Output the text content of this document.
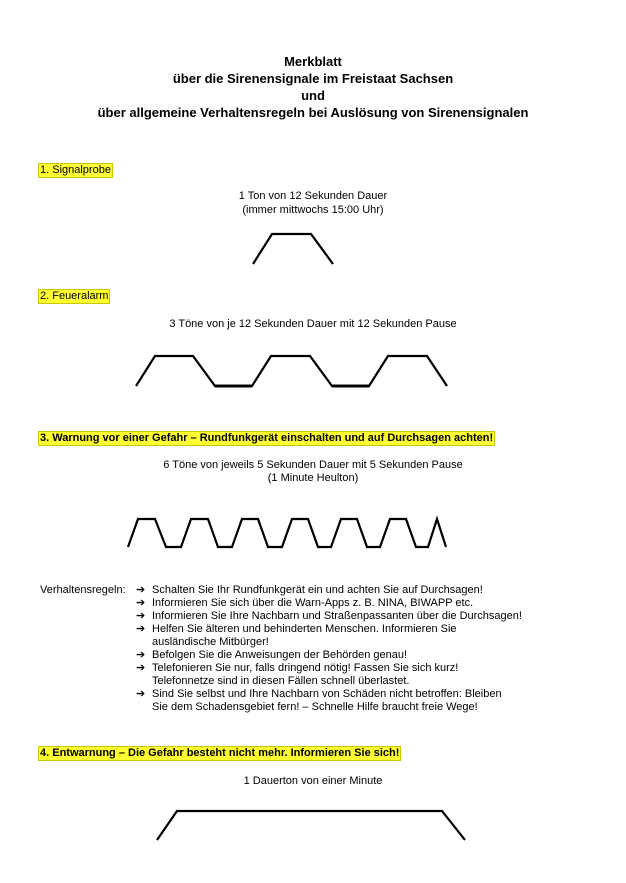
Merkblatt
über die Sirenensignale im Freistaat Sachsen
und
über allgemeine Verhaltensregeln bei Auslösung von Sirenensignalen
1. Signalprobe
1 Ton von 12 Sekunden Dauer
(immer mittwochs 15:00 Uhr)
2. Feueralarm
3 Töne von je 12 Sekunden Dauer mit 12 Sekunden Pause
3. Warnung vor einer Gefahr – Rundfunkgerät einschalten und auf Durchsagen achten!
6 Töne von jeweils 5 Sekunden Dauer mit 5 Sekunden Pause
(1 Minute Heulton)
Verhaltensregeln: ➔ Schalten Sie Ihr Rundfunkgerät ein und achten Sie auf Durchsagen!
➔ Informieren Sie sich über die Warn-Apps z. B. NINA, BIWAPP etc.
➔ Informieren Sie Ihre Nachbarn und Straßenpassanten über die Durchsagen!
➔ Helfen Sie älteren und behinderten Menschen. Informieren Sie
ausländische Mitbürger!
➔ Befolgen Sie die Anweisungen der Behörden genau!
➔ Telefonieren Sie nur, falls dringend nötig! Fassen Sie sich kurz!
Telefonnetze sind in diesen Fällen schnell überlastet.
➔ Sind Sie selbst und Ihre Nachbarn von Schäden nicht betroffen: Bleiben
Sie dem Schadensgebiet fern! – Schnelle Hilfe braucht freie Wege!
4. Entwarnung – Die Gefahr besteht nicht mehr. Informieren Sie sich!
1 Dauerton von einer Minute
